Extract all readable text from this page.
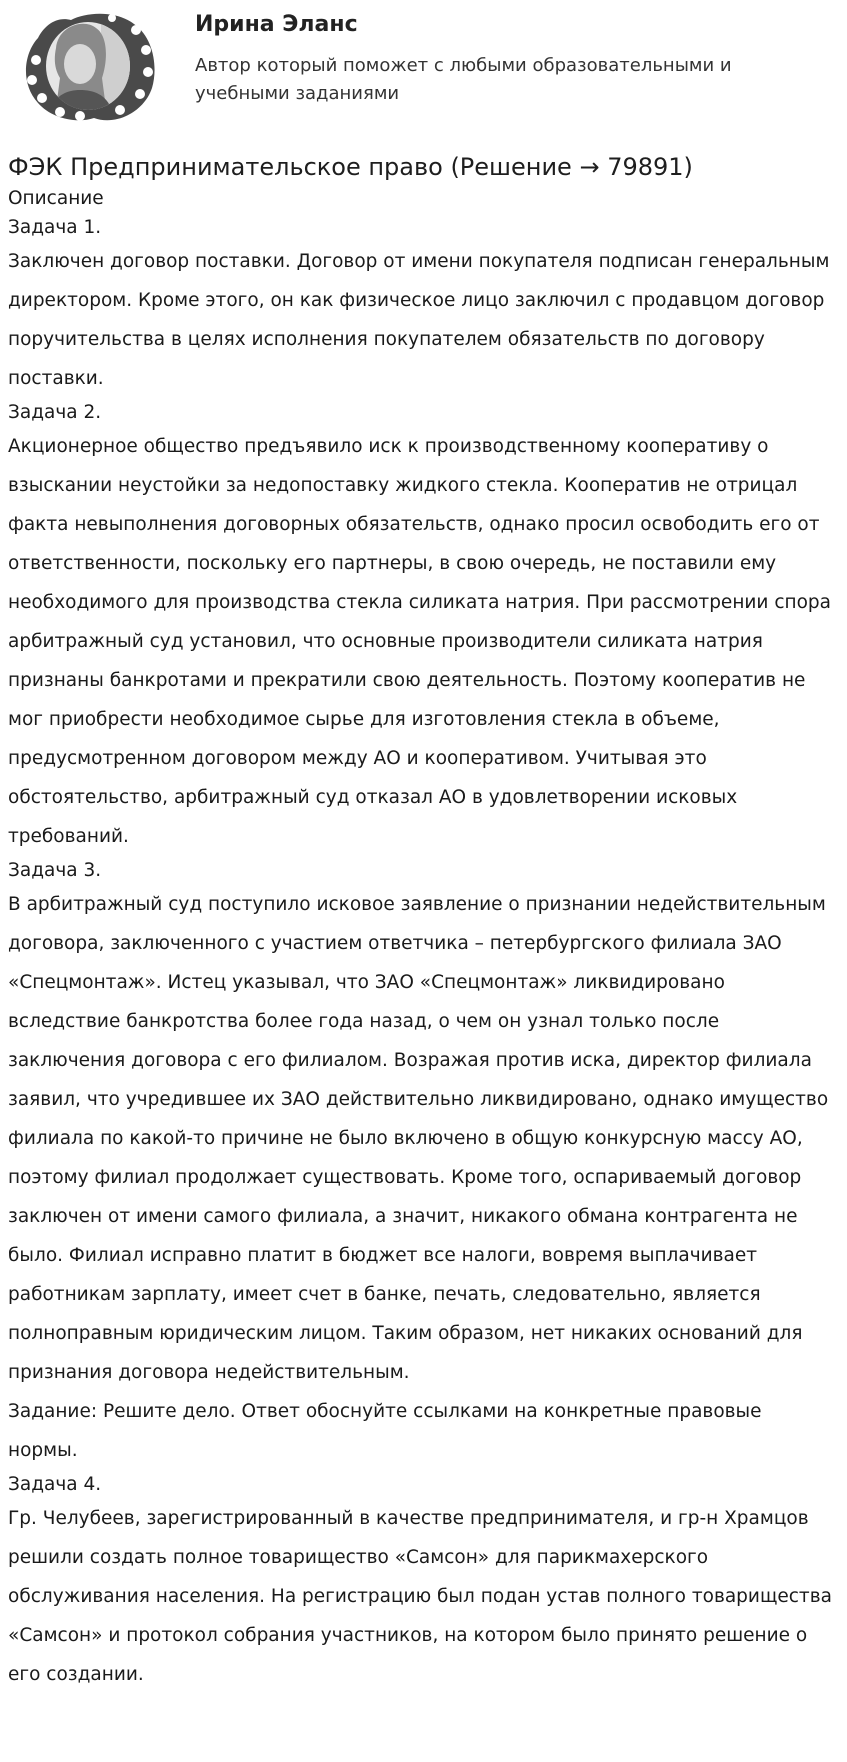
Ирина Эланс

Автор который поможет с любыми образовательными и учебными заданиями

ФЭК Предпринимательское право (Решение → 79891)

Описание

Задача 1.

Заключен договор поставки. Договор от имени покупателя подписан генеральным директором. Кроме этого, он как физическое лицо заключил с продавцом договор поручительства в целях исполнения покупателем обязательств по договору поставки.

Задача 2.

Акционерное общество предъявило иск к производственному кооперативу о взыскании неустойки за недопоставку жидкого стекла. Кооператив не отрицал факта невыполнения договорных обязательств, однако просил освободить его от ответственности, поскольку его партнеры, в свою очередь, не поставили ему необходимого для производства стекла силиката натрия. При рассмотрении спора арбитражный суд установил, что основные производители силиката натрия признаны банкротами и прекратили свою деятельность. Поэтому кооператив не мог приобрести необходимое сырье для изготовления стекла в объеме, предусмотренном договором между АО и кооперативом. Учитывая это обстоятельство, арбитражный суд отказал АО в удовлетворении исковых требований.

Задача 3.

В арбитражный суд поступило исковое заявление о признании недействительным договора, заключенного с участием ответчика – петербургского филиала ЗАО «Спецмонтаж». Истец указывал, что ЗАО «Спецмонтаж» ликвидировано вследствие банкротства более года назад, о чем он узнал только после заключения договора с его филиалом. Возражая против иска, директор филиала заявил, что учредившее их ЗАО действительно ликвидировано, однако имущество филиала по какой-то причине не было включено в общую конкурсную массу АО, поэтому филиал продолжает существовать. Кроме того, оспариваемый договор заключен от имени самого филиала, а значит, никакого обмана контрагента не было. Филиал исправно платит в бюджет все налоги, вовремя выплачивает работникам зарплату, имеет счет в банке, печать, следовательно, является полноправным юридическим лицом. Таким образом, нет никаких оснований для признания договора недействительным.

Задание: Решите дело. Ответ обоснуйте ссылками на конкретные правовые нормы.

Задача 4.

Гр. Челубеев, зарегистрированный в качестве предпринимателя, и гр-н Храмцов решили создать полное товарищество «Самсон» для парикмахерского обслуживания населения. На регистрацию был подан устав полного товарищества «Самсон» и протокол собрания участников, на котором было принято решение о его создании.
